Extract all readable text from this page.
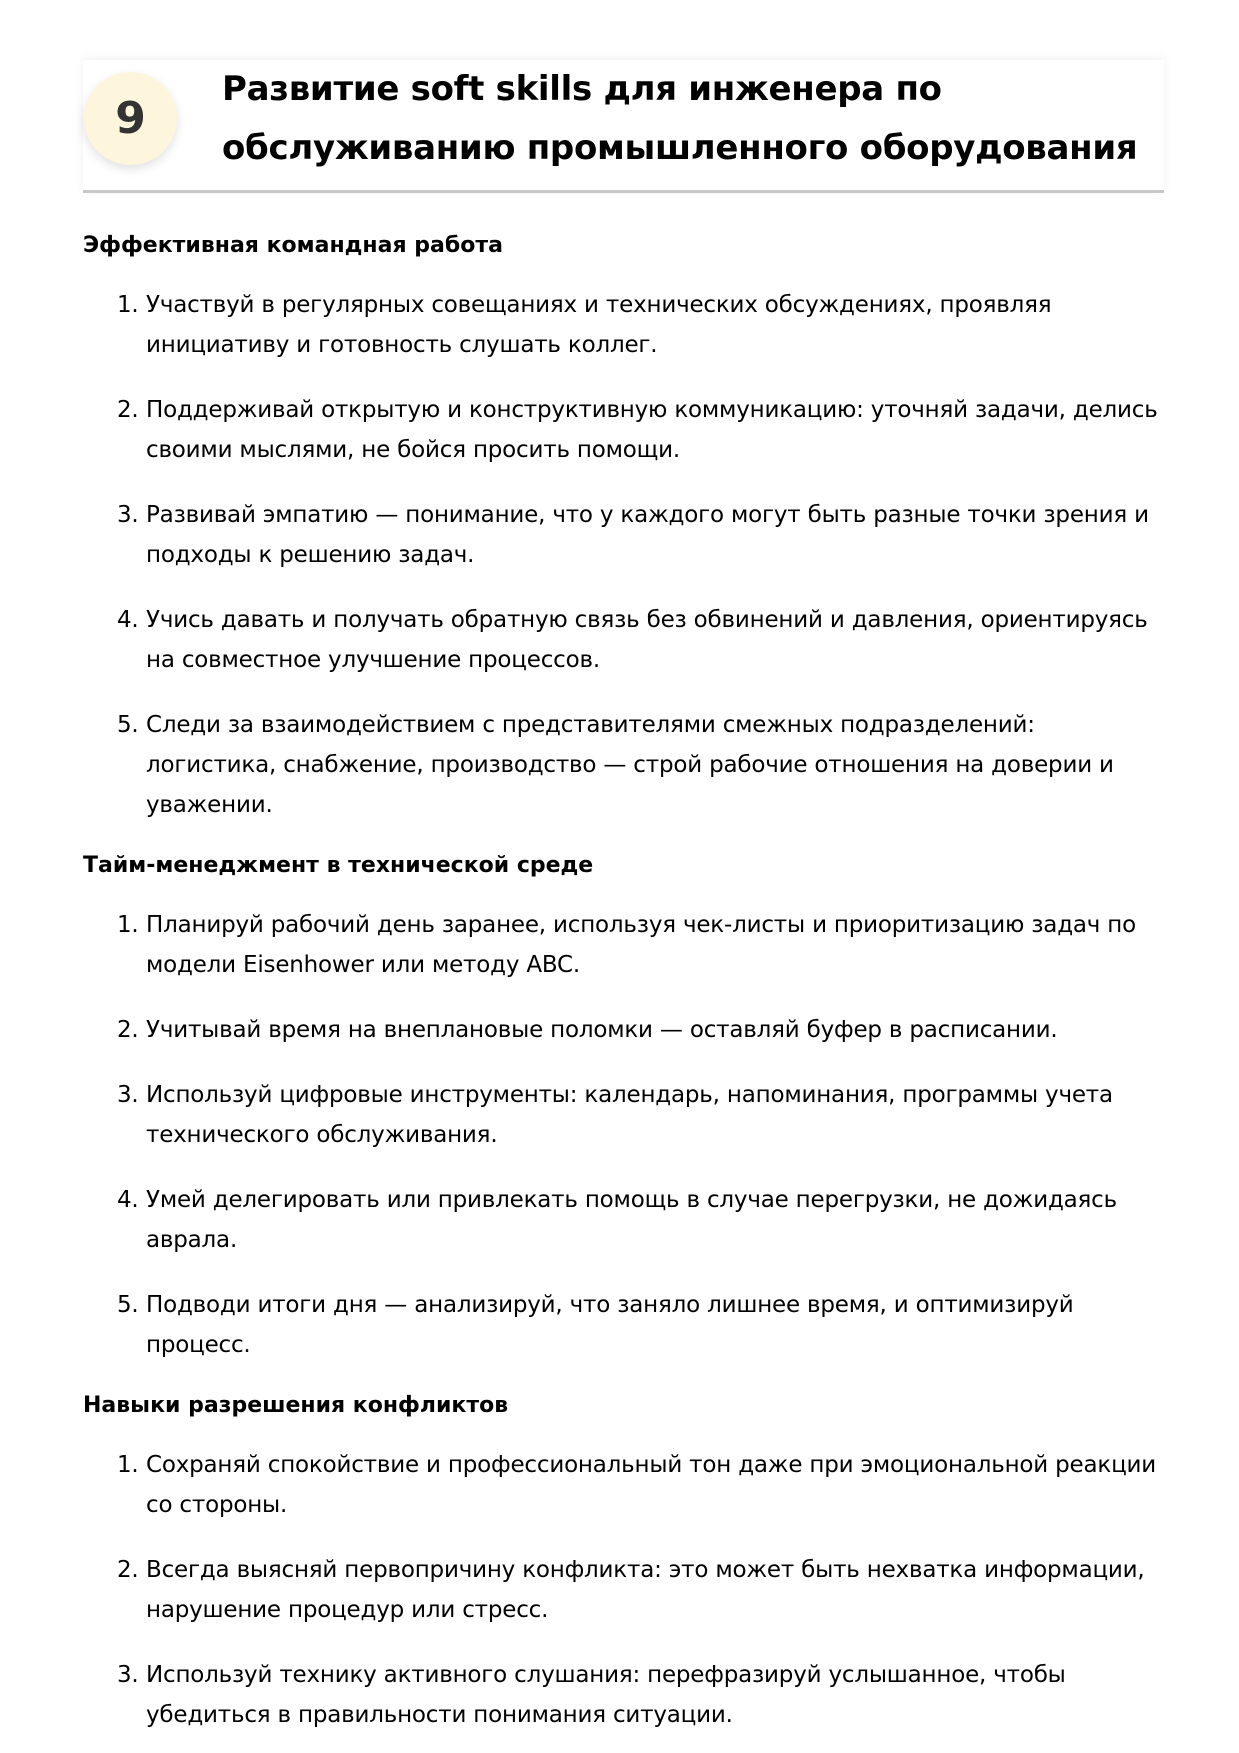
9
Развитие soft skills для инженера по обслуживанию промышленного оборудования
Эффективная командная работа
1. Участвуй в регулярных совещаниях и технических обсуждениях, проявляя инициативу и готовность слушать коллег.
2. Поддерживай открытую и конструктивную коммуникацию: уточняй задачи, делись своими мыслями, не бойся просить помощи.
3. Развивай эмпатию — понимание, что у каждого могут быть разные точки зрения и подходы к решению задач.
4. Учись давать и получать обратную связь без обвинений и давления, ориентируясь на совместное улучшение процессов.
5. Следи за взаимодействием с представителями смежных подразделений: логистика, снабжение, производство — строй рабочие отношения на доверии и уважении.
Тайм-менеджмент в технической среде
1. Планируй рабочий день заранее, используя чек-листы и приоритизацию задач по модели Eisenhower или методу ABC.
2. Учитывай время на внеплановые поломки — оставляй буфер в расписании.
3. Используй цифровые инструменты: календарь, напоминания, программы учета технического обслуживания.
4. Умей делегировать или привлекать помощь в случае перегрузки, не дожидаясь аврала.
5. Подводи итоги дня — анализируй, что заняло лишнее время, и оптимизируй процесс.
Навыки разрешения конфликтов
1. Сохраняй спокойствие и профессиональный тон даже при эмоциональной реакции со стороны.
2. Всегда выясняй первопричину конфликта: это может быть нехватка информации, нарушение процедур или стресс.
3. Используй технику активного слушания: перефразируй услышанное, чтобы убедиться в правильности понимания ситуации.
